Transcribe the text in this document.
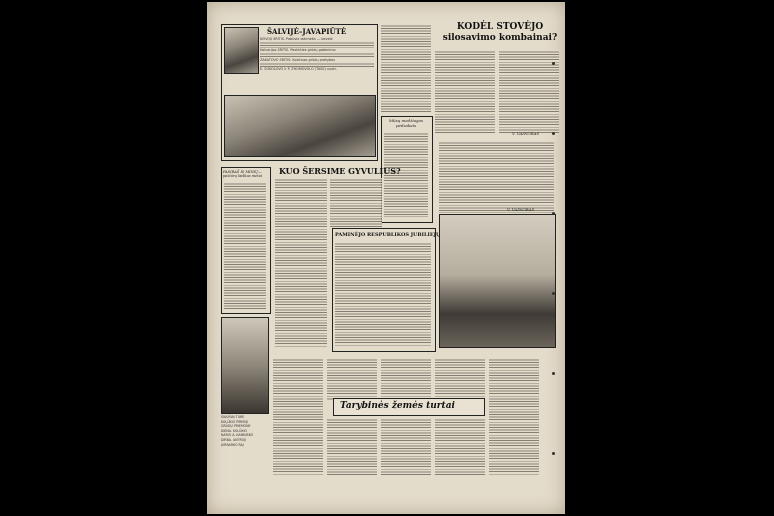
ŠALVIJĖ–JAVAPIŪTĖ
NOVOJI SRITIS. Pobūvio laikmetis — beveik
Kalvarijos SRITIS. Paskirties grūdų gabenimo
ŽAKATOVO SRITIS. Kolchozo grūdų prekybos
E. SOKOLOVO ir P. ZHOMOVOLO (TASS) nuotr.
Mūsų medžiagos pėdsakais
KODĖL STOVĖJO silosavimo kombainai?
V. VAINORAS
V. VAINORAS
PASIRAŠ IS MINIŲ— pažiūrų laiškus metai
KUO ŠERSIME GYVULIUS?
PAMINĖJO RESPUBLIKOS JUBILIEJŲ
SIAURIAI TURĖ
KOLŪKIO PIRMOJI
GRŪDŲ PRIEMONĖ
DIENA. KOLŪKIO
NARIO A. KAMINSKO
DIRBA. ANTROJI
JURBARKO RAJ
Tarybinės žemės turtai
